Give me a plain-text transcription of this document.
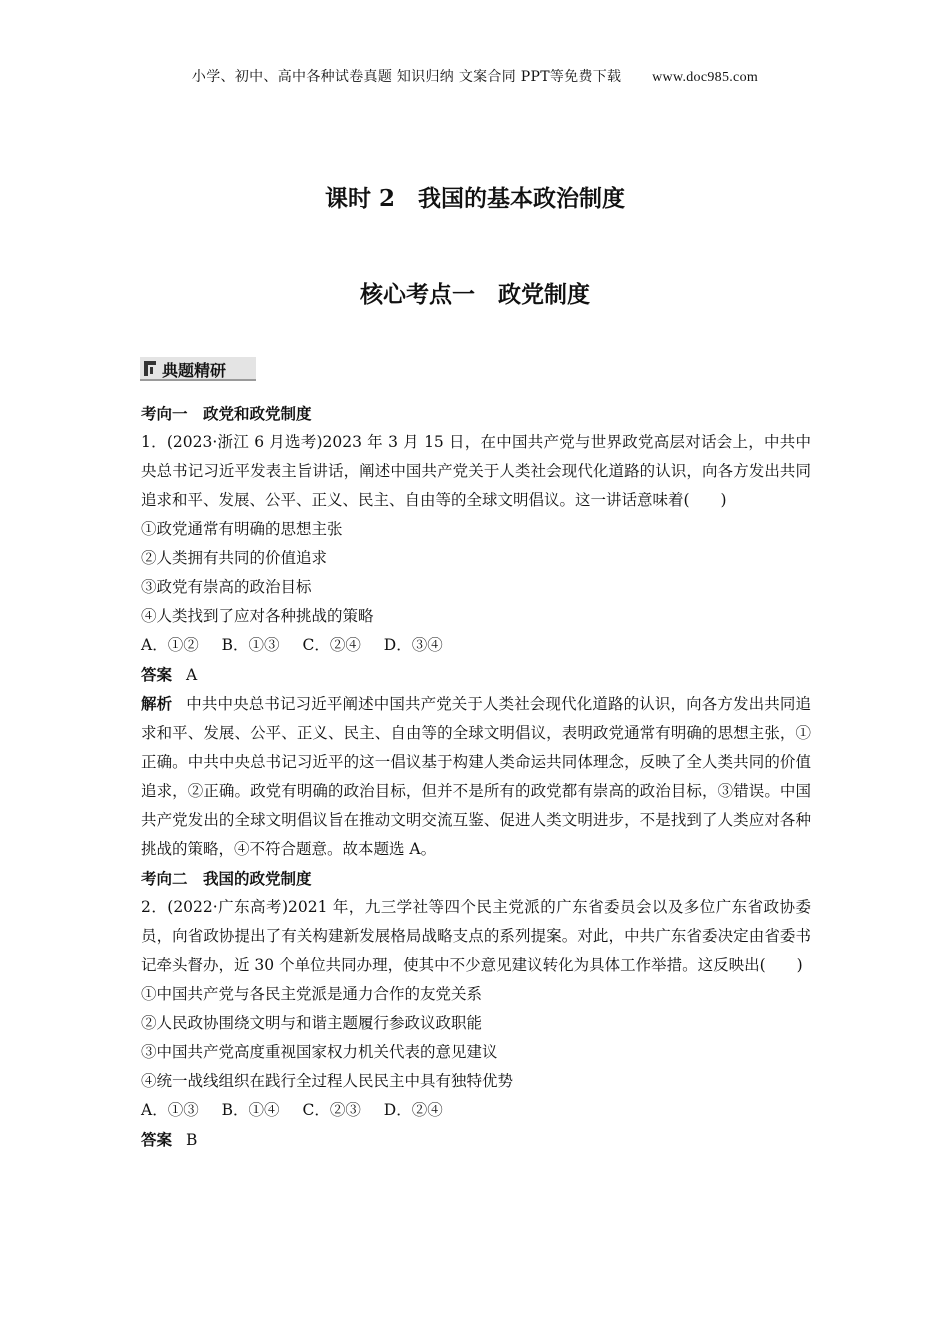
小学、初中、高中各种试卷真题 知识归纳 文案合同 PPT等免费下载 www.doc985.com
课时 2　我国的基本政治制度
核心考点一　政党制度
典题精研
考向一　政党和政党制度
1．(2023·浙江 6 月选考)2023 年 3 月 15 日，在中国共产党与世界政党高层对话会上，中共中央总书记习近平发表主旨讲话，阐述中国共产党关于人类社会现代化道路的认识，向各方发出共同追求和平、发展、公平、正义、民主、自由等的全球文明倡议。这一讲话意味着(　　)
①政党通常有明确的思想主张
②人类拥有共同的价值追求
③政党有崇高的政治目标
④人类找到了应对各种挑战的策略
A．①② B．①③ C．②④ D．③④
答案 A
解析 中共中央总书记习近平阐述中国共产党关于人类社会现代化道路的认识，向各方发出共同追求和平、发展、公平、正义、民主、自由等的全球文明倡议，表明政党通常有明确的思想主张，①正确。中共中央总书记习近平的这一倡议基于构建人类命运共同体理念，反映了全人类共同的价值追求，②正确。政党有明确的政治目标，但并不是所有的政党都有崇高的政治目标，③错误。中国共产党发出的全球文明倡议旨在推动文明交流互鉴、促进人类文明进步，不是找到了人类应对各种挑战的策略，④不符合题意。故本题选 A。
考向二　我国的政党制度
2．(2022·广东高考)2021 年，九三学社等四个民主党派的广东省委员会以及多位广东省政协委员，向省政协提出了有关构建新发展格局战略支点的系列提案。对此，中共广东省委决定由省委书记牵头督办，近 30 个单位共同办理，使其中不少意见建议转化为具体工作举措。这反映出(　　)
①中国共产党与各民主党派是通力合作的友党关系
②人民政协围绕文明与和谐主题履行参政议政职能
③中国共产党高度重视国家权力机关代表的意见建议
④统一战线组织在践行全过程人民民主中具有独特优势
A．①③ B．①④ C．②③ D．②④
答案 B
